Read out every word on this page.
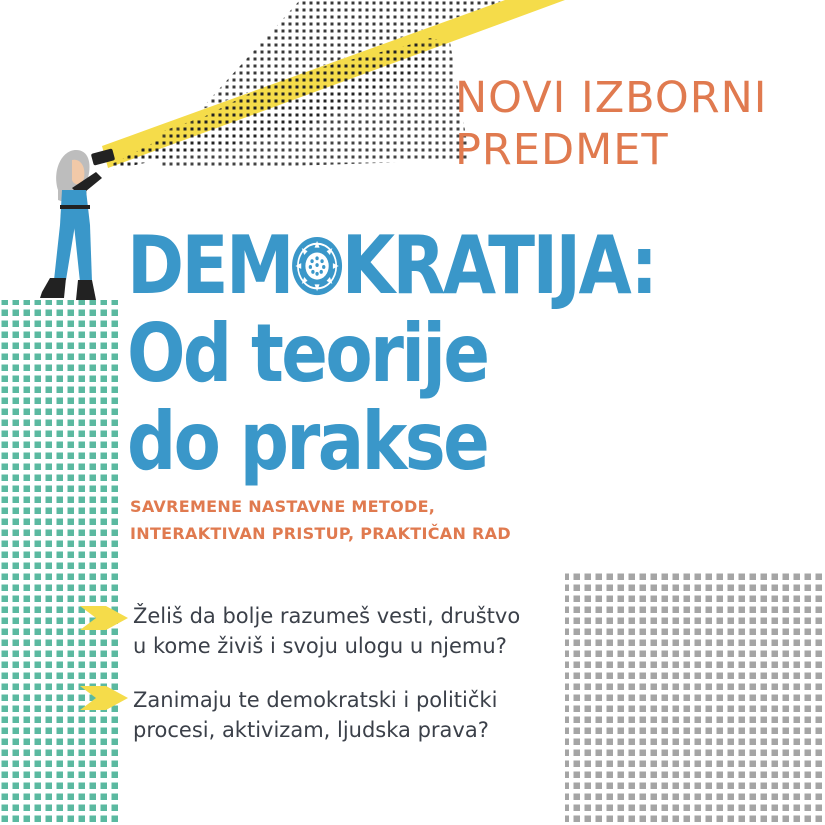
NOVI IZBORNI
PREDMET
DEM KRATIJA:
Od teorije
do prakse
SAVREMENE NASTAVNE METODE,
INTERAKTIVAN PRISTUP, PRAKTIČAN RAD
Želiš da bolje razumeš vesti, društvo
u kome živiš i svoju ulogu u njemu?
Zanimaju te demokratski i politički
procesi, aktivizam, ljudska prava?
